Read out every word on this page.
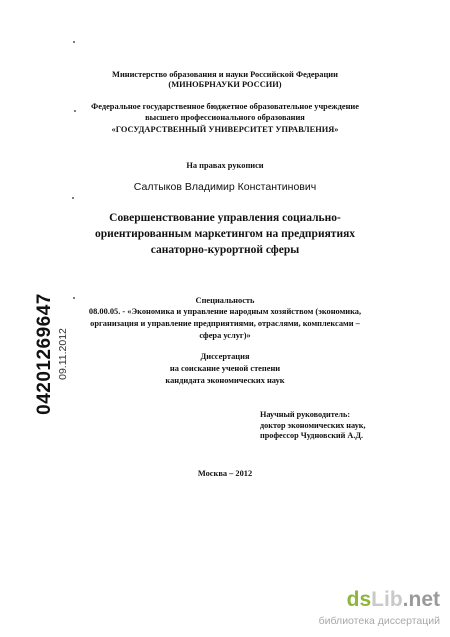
Министерство образования и науки Российской Федерации
(МИНОБРНАУКИ РОССИИ)
Федеральное государственное бюджетное образовательное учреждение
высшего профессионального образования
«ГОСУДАРСТВЕННЫЙ УНИВЕРСИТЕТ УПРАВЛЕНИЯ»
На правах рукописи
Салтыков Владимир Константинович
Совершенствование управления социально-
ориентированным маркетингом на предприятиях
санаторно-курортной сферы
Специальность
08.00.05. - «Экономика и управление народным хозяйством (экономика,
организация и управление предприятиями, отраслями, комплексами –
сфера услуг)»
Диссертация
на соискание ученой степени
кандидата экономических наук
Научный руководитель:
доктор экономических наук,
профессор Чудновский А.Д.
Москва – 2012
04201269647 09.11.2012
dsLib.net
библиотека диссертаций
